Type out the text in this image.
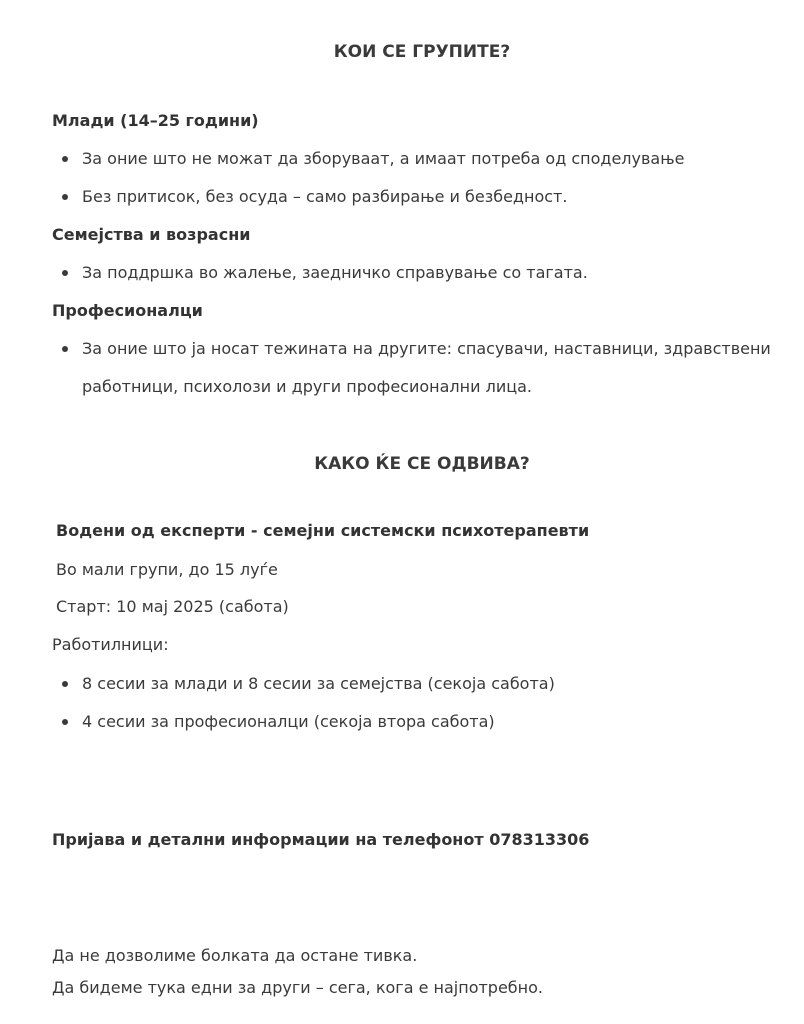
КОИ СЕ ГРУПИТЕ?
Млади (14–25 години)
За оние што не можат да зборуваат, а имаат потреба од споделување
Без притисок, без осуда – само разбирање и безбедност.
Семејства и возрасни
За поддршка во жалење, заедничко справување со тагата.
Професионалци
За оние што ја носат тежината на другите: спасувачи, наставници, здравствени
работници, психолози и други професионални лица.
КАКО ЌЕ СЕ ОДВИВА?
Водени од експерти - семејни системски психотерапевти
Во мали групи, до 15 луѓе
Старт: 10 мај 2025 (сабота)
Работилници:
8 сесии за млади и 8 сесии за семејства (секоја сабота)
4 сесии за професионалци (секоја втора сабота)
Пријава и детални информации на телефонот 078313306
Да не дозволиме болката да остане тивка.
Да бидеме тука едни за други – сега, кога е најпотребно.
